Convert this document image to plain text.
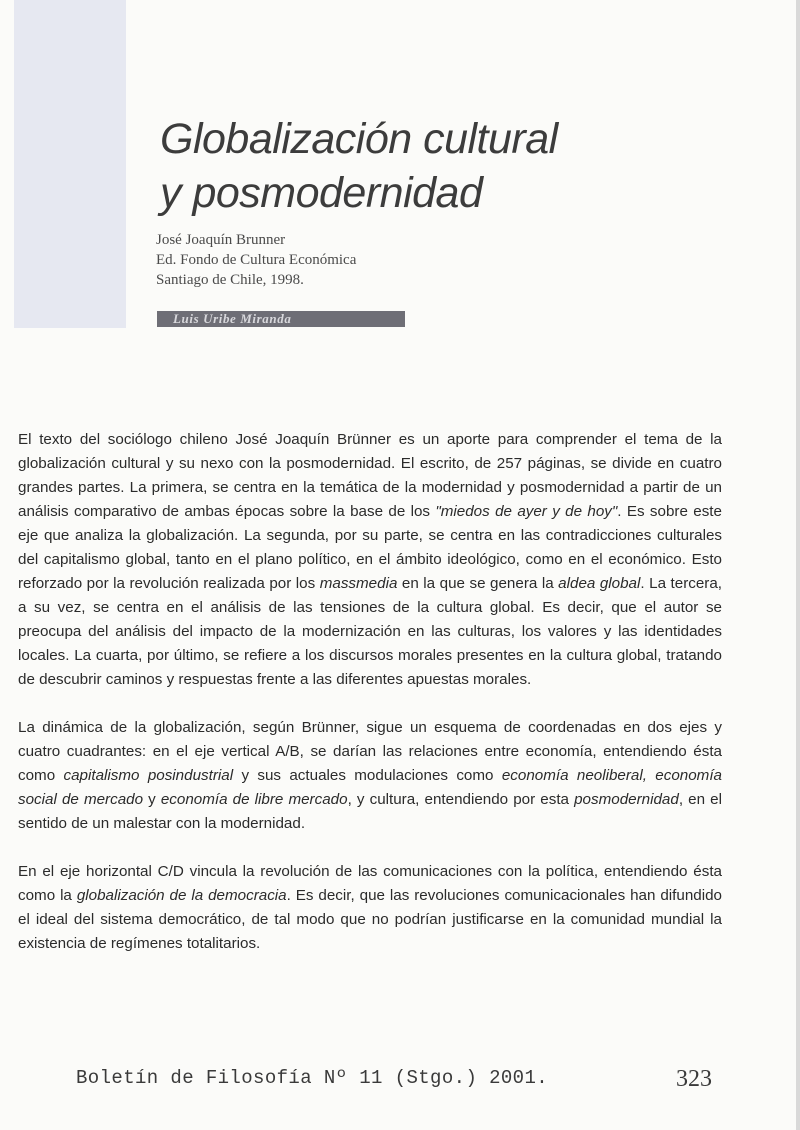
Globalización cultural
y posmodernidad
José Joaquín Brunner
Ed. Fondo de Cultura Económica
Santiago de Chile, 1998.
Luis Uribe Miranda

El texto del sociólogo chileno José Joaquín Brünner es un aporte para comprender el tema de la globalización cultural y su nexo con la posmodernidad. El escrito, de 257 páginas, se divide en cuatro grandes partes. La primera, se centra en la temática de la modernidad y posmodernidad a partir de un análisis comparativo de ambas épocas sobre la base de los "miedos de ayer y de hoy". Es sobre este eje que analiza la globalización. La segunda, por su parte, se centra en las contradicciones culturales del capitalismo global, tanto en el plano político, en el ámbito ideológico, como en el económico. Esto reforzado por la revolución realizada por los massmedia en la que se genera la aldea global. La tercera, a su vez, se centra en el análisis de las tensiones de la cultura global. Es decir, que el autor se preocupa del análisis del impacto de la modernización en las culturas, los valores y las identidades locales. La cuarta, por último, se refiere a los discursos morales presentes en la cultura global, tratando de descubrir caminos y respuestas frente a las diferentes apuestas morales.

La dinámica de la globalización, según Brünner, sigue un esquema de coordenadas en dos ejes y cuatro cuadrantes: en el eje vertical A/B, se darían las relaciones entre economía, entendiendo ésta como capitalismo posindustrial y sus actuales modulaciones como economía neoliberal, economía social de mercado y economía de libre mercado, y cultura, entendiendo por esta posmodernidad, en el sentido de un malestar con la modernidad.

En el eje horizontal C/D vincula la revolución de las comunicaciones con la política, entendiendo ésta como la globalización de la democracia. Es decir, que las revoluciones comunicacionales han difundido el ideal del sistema democrático, de tal modo que no podrían justificarse en la comunidad mundial la existencia de regímenes totalitarios.

Boletín de Filosofía Nº 11 (Stgo.) 2001.	323
